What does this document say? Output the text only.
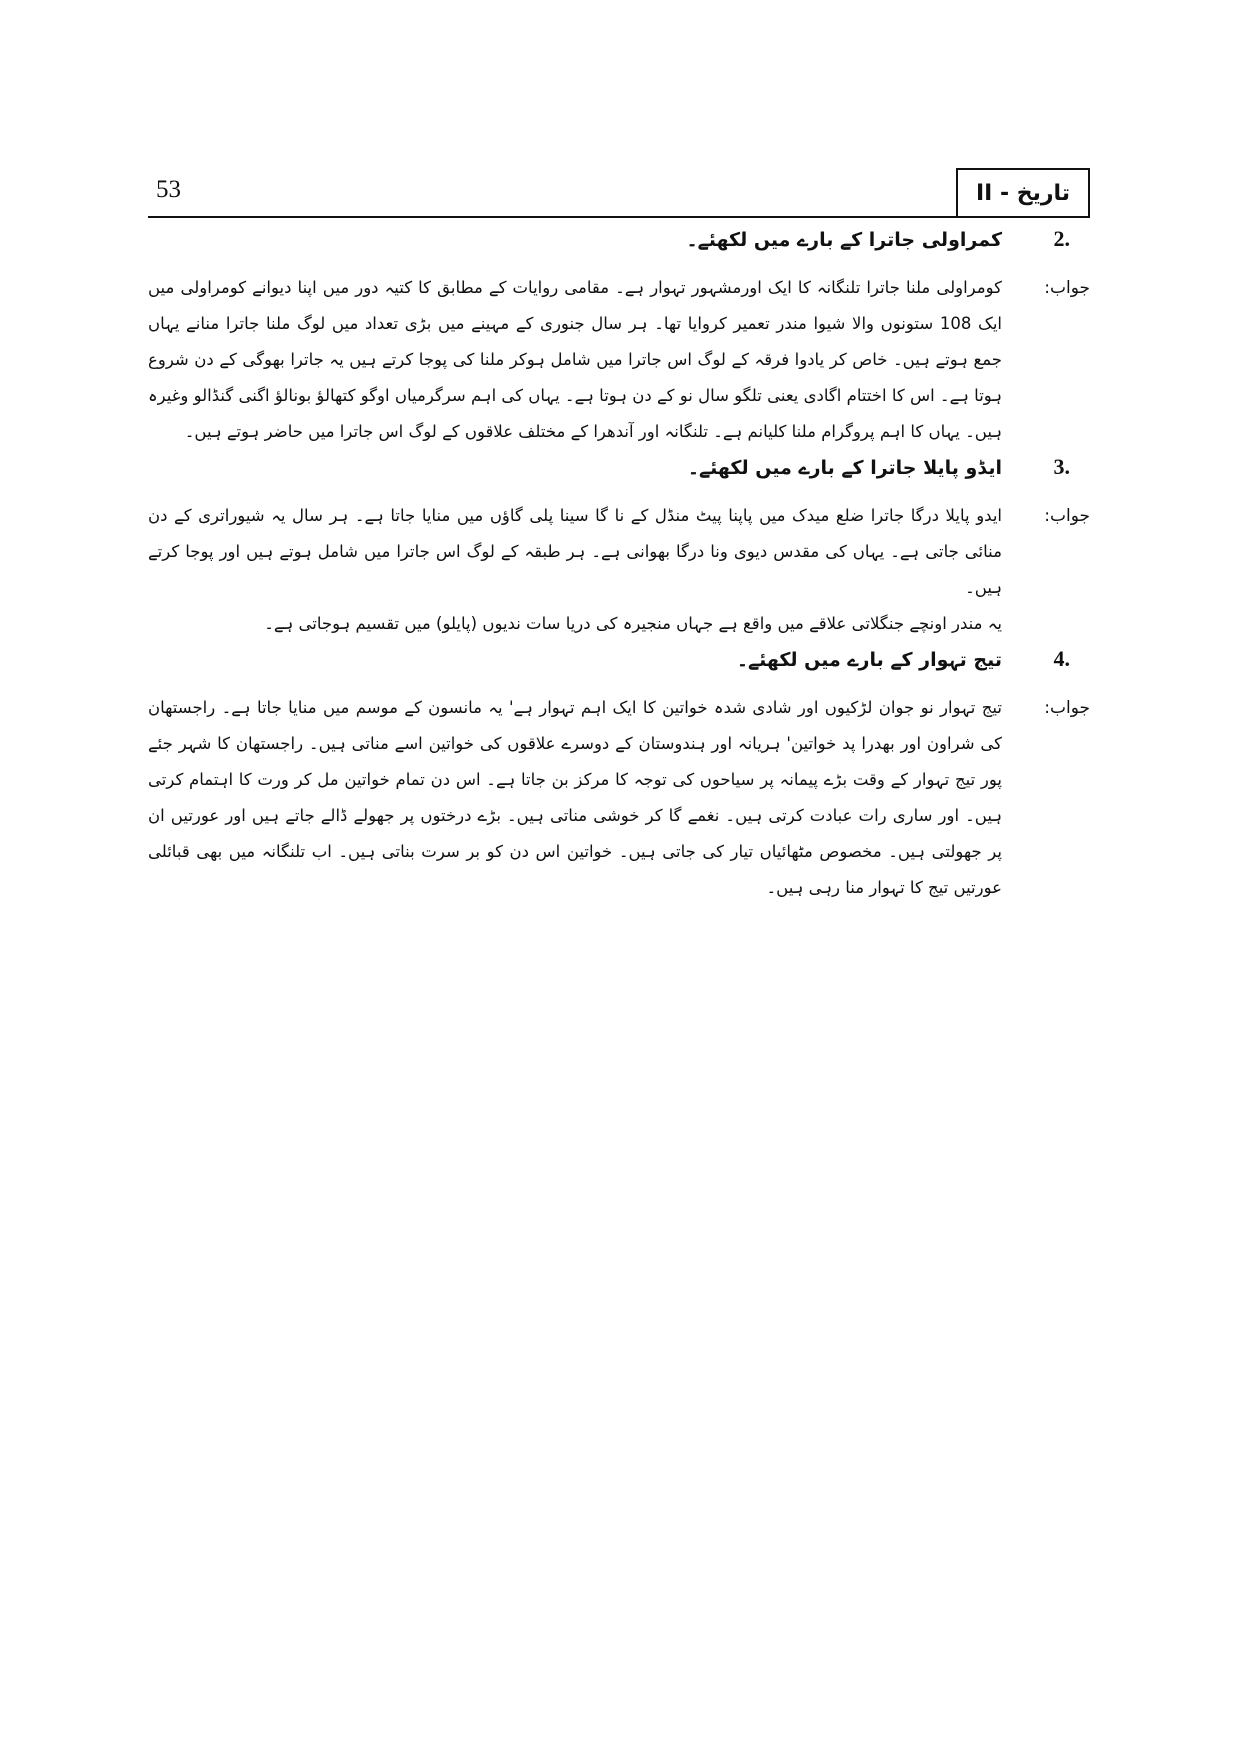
53	تاریخ - II
2.
کمراولی جاترا کے بارے میں لکھئے۔
جواب:

کومراولی ملنا جاترا تلنگانہ کا ایک اورمشہور تہوار ہے۔ مقامی روایات کے مطابق کا کتیہ دور میں اپنا دیوانے کومراولی میں ایک 108 ستونوں والا شیوا مندر تعمیر کروایا تھا۔ ہر سال جنوری کے مہینے میں بڑی تعداد میں لوگ ملنا جاترا منانے یہاں جمع ہوتے ہیں۔ خاص کر یادوا فرقہ کے لوگ اس جاترا میں شامل ہوکر ملنا کی پوجا کرتے ہیں یہ جاترا بھوگی کے دن شروع ہوتا ہے۔ اس کا اختتام اگادی یعنی تلگو سال نو کے دن ہوتا ہے۔ یہاں کی اہم سرگرمیاں اوگو کتھالؤ بونالؤ اگنی گنڈالو وغیرہ ہیں۔ یہاں کا اہم پروگرام ملنا کلیانم ہے۔ تلنگانہ اور آندھرا کے مختلف علاقوں کے لوگ اس جاترا میں حاضر ہوتے ہیں۔

3.
ایڈو پایلا جاترا کے بارے میں لکھئے۔
جواب:

ایدو پایلا درگا جاترا ضلع میدک میں پاپنا پیٹ منڈل کے نا گا سینا پلی گاؤں میں منایا جاتا ہے۔ ہر سال یہ شیوراتری کے دن منائی جاتی ہے۔ یہاں کی مقدس دیوی ونا درگا بھوانی ہے۔ ہر طبقہ کے لوگ اس جاترا میں شامل ہوتے ہیں اور پوجا کرتے ہیں۔

یہ مندر اونچے جنگلاتی علاقے میں واقع ہے جہاں منجیرہ کی دریا سات ندیوں (پایلو) میں تقسیم ہوجاتی ہے۔

4.
تیج تہوار کے بارے میں لکھئے۔
جواب:

تیج تہوار نو جوان لڑکیوں اور شادی شدہ خواتین کا ایک اہم تہوار ہے' یہ مانسون کے موسم میں منایا جاتا ہے۔ راجستھان کی شراون اور بھدرا پد خواتین' ہریانہ اور ہندوستان کے دوسرے علاقوں کی خواتین اسے مناتی ہیں۔ راجستھان کا شہر جئے پور تیج تہوار کے وقت بڑے پیمانہ پر سیاحوں کی توجہ کا مرکز بن جاتا ہے۔ اس دن تمام خواتین مل کر ورت کا اہتمام کرتی ہیں۔ اور ساری رات عبادت کرتی ہیں۔ نغمے گا کر خوشی مناتی ہیں۔ بڑے درختوں پر جھولے ڈالے جاتے ہیں اور عورتیں ان پر جھولتی ہیں۔ مخصوص مٹھائیاں تیار کی جاتی ہیں۔ خواتین اس دن کو بر سرت بناتی ہیں۔ اب تلنگانہ میں بھی قبائلی عورتیں تیج کا تہوار منا رہی ہیں۔
